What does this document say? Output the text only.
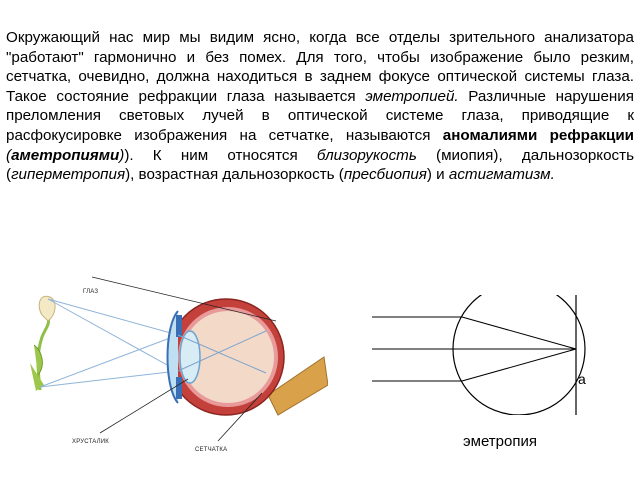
Окружающий нас мир мы видим ясно, когда все отделы зрительного анализатора "работают" гармонично и без помех. Для того, чтобы изображение было резким, сетчатка, очевидно, должна находиться в заднем фокусе оптической системы глаза. Такое состояние рефракции глаза называется эметропией. Различные нарушения преломления световых лучей в оптической системе глаза, приводящие к расфокусировке изображения на сетчатке, называются аномалиями рефракции (аметропиями)). К ним относятся близорукость (миопия), дальнозоркость (гиперметропия), возрастная дальнозоркость (пресбиопия) и астигматизм.
ГЛАЗ
ХРУСТАЛИК
СЕТЧАТКА
a
эметропия
